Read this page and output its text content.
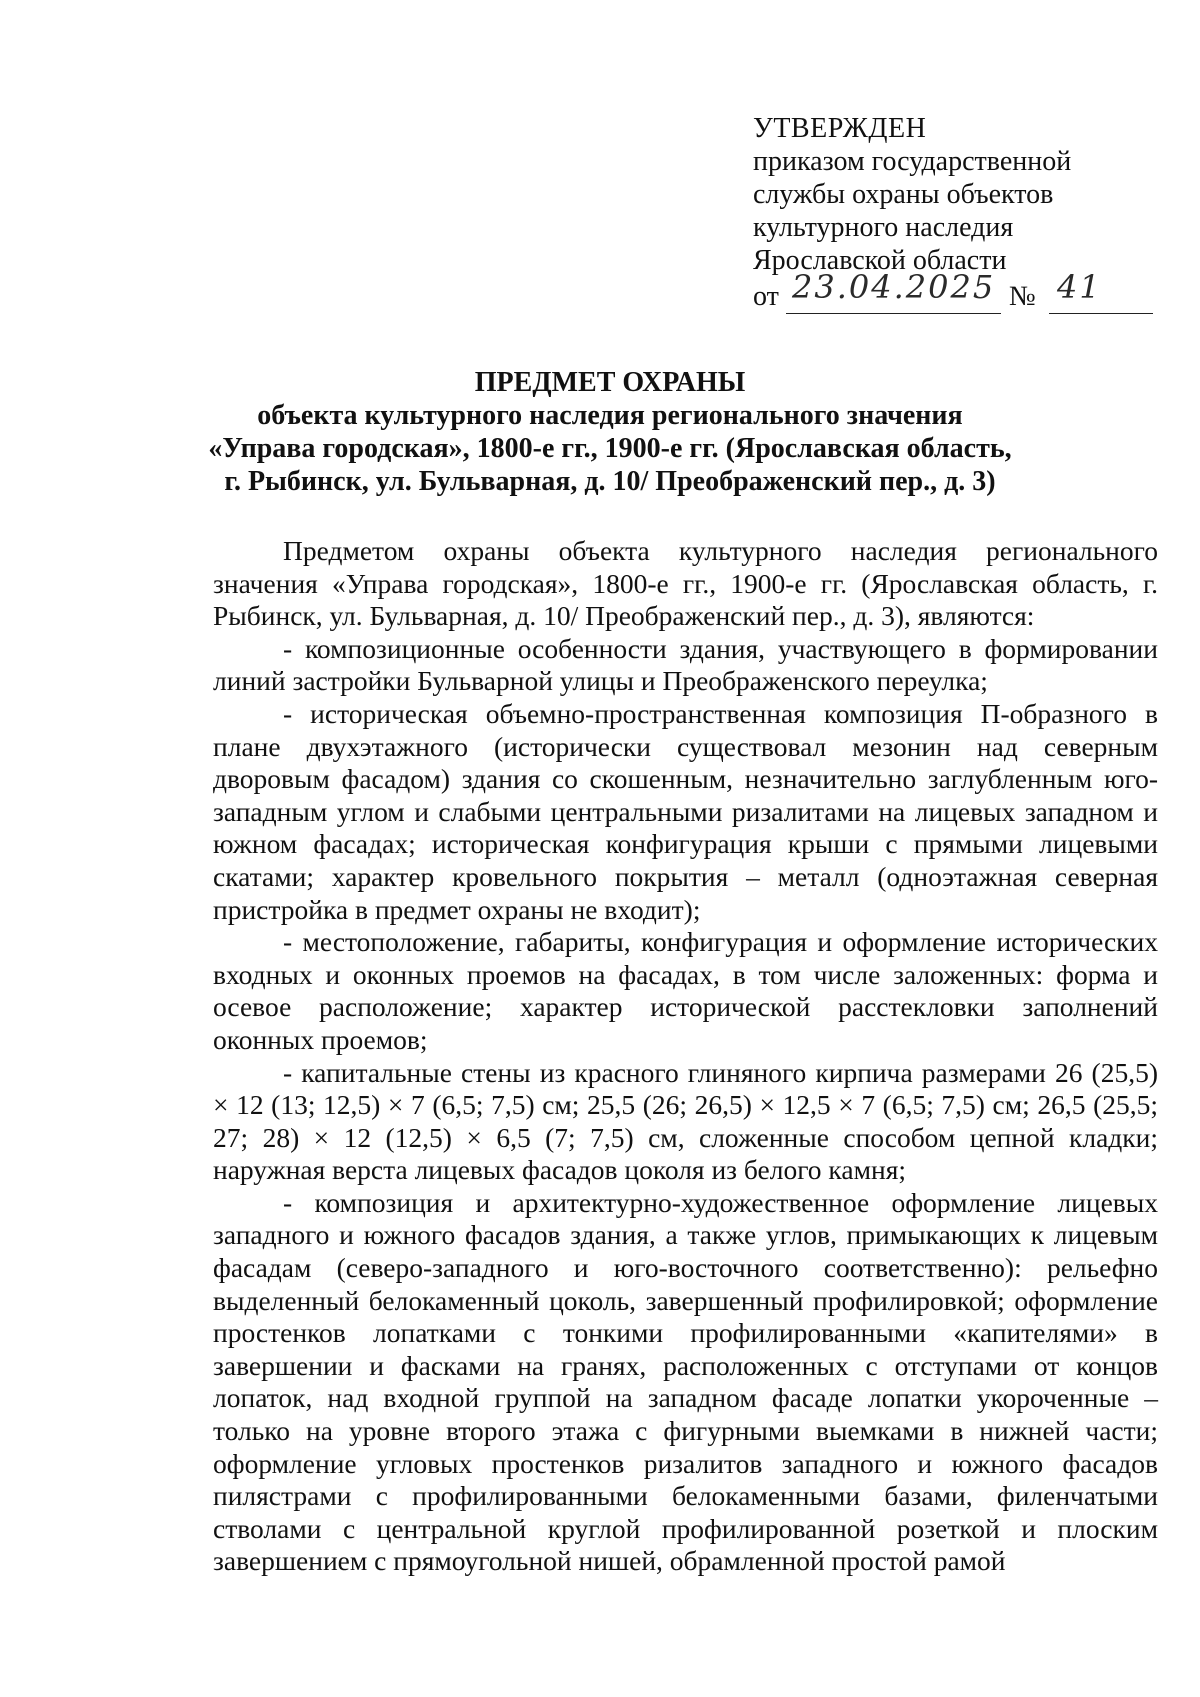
УТВЕРЖДЕН
приказом государственной
службы охраны объектов
культурного наследия
Ярославской области
от 23.04.2025 № 41
ПРЕДМЕТ ОХРАНЫ
объекта культурного наследия регионального значения
«Управа городская», 1800-е гг., 1900-е гг. (Ярославская область,
г. Рыбинск, ул. Бульварная, д. 10/ Преображенский пер., д. 3)

Предметом охраны объекта культурного наследия регионального значения «Управа городская», 1800-е гг., 1900-е гг. (Ярославская область, г. Рыбинск, ул. Бульварная, д. 10/ Преображенский пер., д. 3), являются:

- композиционные особенности здания, участвующего в формировании линий застройки Бульварной улицы и Преображенского переулка;

- историческая объемно-пространственная композиция П-образного в плане двухэтажного (исторически существовал мезонин над северным дворовым фасадом) здания со скошенным, незначительно заглубленным юго-западным углом и слабыми центральными ризалитами на лицевых западном и южном фасадах; историческая конфигурация крыши с прямыми лицевыми скатами; характер кровельного покрытия – металл (одноэтажная северная пристройка в предмет охраны не входит);

- местоположение, габариты, конфигурация и оформление исторических входных и оконных проемов на фасадах, в том числе заложенных: форма и осевое расположение; характер исторической расстекловки заполнений оконных проемов;

- капитальные стены из красного глиняного кирпича размерами 26 (25,5) × 12 (13; 12,5) × 7 (6,5; 7,5) см; 25,5 (26; 26,5) × 12,5 × 7 (6,5; 7,5) см; 26,5 (25,5; 27; 28) × 12 (12,5) × 6,5 (7; 7,5) см, сложенные способом цепной кладки; наружная верста лицевых фасадов цоколя из белого камня;

- композиция и архитектурно-художественное оформление лицевых западного и южного фасадов здания, а также углов, примыкающих к лицевым фасадам (северо-западного и юго-восточного соответственно): рельефно выделенный белокаменный цоколь, завершенный профилировкой; оформление простенков лопатками с тонкими профилированными «капителями» в завершении и фасками на гранях, расположенных с отступами от концов лопаток, над входной группой на западном фасаде лопатки укороченные – только на уровне второго этажа с фигурными выемками в нижней части; оформление угловых простенков ризалитов западного и южного фасадов пилястрами с профилированными белокаменными базами, филенчатыми стволами с центральной круглой профилированной розеткой и плоским завершением с прямоугольной нишей, обрамленной простой рамой
